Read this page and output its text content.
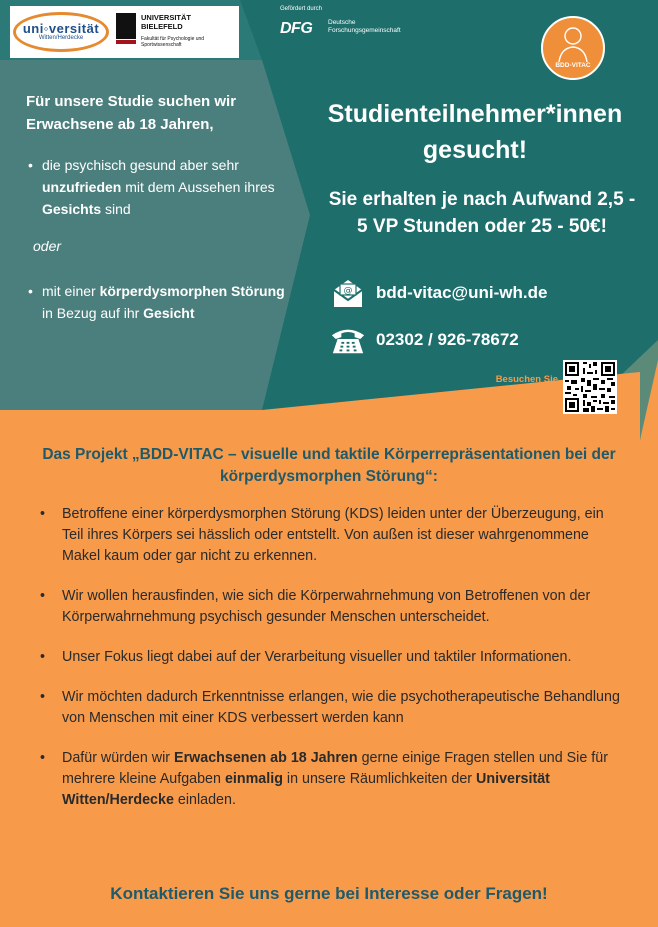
uni◦versität
Witten/Herdecke
UNIVERSITÄT
BIELEFELD
Fakultät für Psychologie und Sportwissenschaft
Gefördert durch
DFG Deutsche
Forschungsgemeinschaft
BDD-VITAC
Für unsere Studie suchen wir Erwachsene ab 18 Jahren,
• die psychisch gesund aber sehr unzufrieden mit dem Aussehen ihres Gesichts sind
oder
• mit einer körperdysmorphen Störung in Bezug auf ihr Gesicht
Studienteilnehmer*innen gesucht!
Sie erhalten je nach Aufwand 2,5 - 5 VP Stunden oder 25 - 50€!
@ bdd-vitac@uni-wh.de
02302 / 926-78672
Besuchen Sie
unsere Website:
Das Projekt „BDD-VITAC – visuelle und taktile Körperrepräsentationen bei der körperdysmorphen Störung“:
• Betroffene einer körperdysmorphen Störung (KDS) leiden unter der Überzeugung, ein Teil ihres Körpers sei hässlich oder entstellt. Von außen ist dieser wahrgenommene Makel kaum oder gar nicht zu erkennen.
• Wir wollen herausfinden, wie sich die Körperwahrnehmung von Betroffenen von der Körperwahrnehmung psychisch gesunder Menschen unterscheidet.
• Unser Fokus liegt dabei auf der Verarbeitung visueller und taktiler Informationen.
• Wir möchten dadurch Erkenntnisse erlangen, wie die psychotherapeutische Behandlung von Menschen mit einer KDS verbessert werden kann
• Dafür würden wir Erwachsenen ab 18 Jahren gerne einige Fragen stellen und Sie für mehrere kleine Aufgaben einmalig in unsere Räumlichkeiten der Universität Witten/Herdecke einladen.
Kontaktieren Sie uns gerne bei Interesse oder Fragen!
